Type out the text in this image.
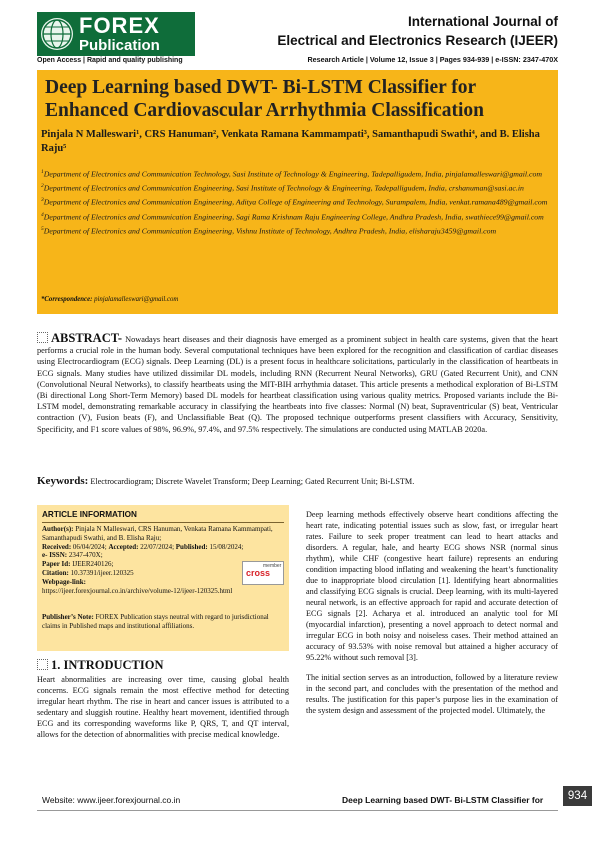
FOREX
Publication
Open Access | Rapid and quality publishing
International Journal of
Electrical and Electronics Research (IJEER)
Research Article | Volume 12, Issue 3 | Pages 934-939 | e-ISSN: 2347-470X
Deep Learning based DWT- Bi-LSTM Classifier for Enhanced Cardiovascular Arrhythmia Classification
Pinjala N Malleswari¹, CRS Hanuman², Venkata Ramana Kammampati³, Samanthapudi Swathi⁴, and B. Elisha Raju⁵
$^1$Department of Electronics and Communication Technology, Sasi Institute of Technology & Engineering, Tadepalligudem, India, pinjalamalleswari@gmail.com
$^2$Department of Electronics and Communication Engineering, Sasi Institute of Technology & Engineering, Tadepalligudem, India, crshanuman@sasi.ac.in
$^3$Department of Electronics and Communication Engineering, Aditya College of Engineering and Technology, Surampalem, India, venkat.ramana489@gmail.com
$^4$Department of Electronics and Communication Engineering, Sagi Rama Krishnam Raju Engineering College, Andhra Pradesh, India, swathiece99@gmail.com
$^5$Department of Electronics and Communication Engineering, Vishnu Institute of Technology, Andhra Pradesh, India, elisharaju3459@gmail.com
*Correspondence: pinjalamalleswari@gmail.com
ABSTRACT- Nowadays heart diseases and their diagnosis have emerged as a prominent subject in health care systems, given that the heart performs a crucial role in the human body. Several computational techniques have been explored for the recognition and classification of cardiac diseases using Electrocardiogram (ECG) signals. Deep Learning (DL) is a present focus in healthcare solicitations, particularly in the classification of heartbeats in ECG signals. Many studies have utilized dissimilar DL models, including RNN (Recurrent Neural Networks), GRU (Gated Recurrent Unit), and CNN (Convolutional Neural Networks), to classify heartbeats using the MIT-BIH arrhythmia dataset. This article presents a methodical exploration of Bi-LSTM (Bi directional Long Short-Term Memory) based DL models for heartbeat classification using various quality metrics. Proposed variants include the Bi-LSTM model, demonstrating remarkable accuracy in classifying the heartbeats into five classes: Normal (N) beat, Supraventricular (S) beat, Ventricular contraction (V), Fusion beats (F), and Unclassifiable Beat (Q). The proposed technique outperforms present classifiers with Accuracy, Sensitivity, Specificity, and F1 score values of 98%, 96.9%, 97.4%, and 97.5% respectively. The simulations are conducted using MATLAB 2020a.
Keywords: Electrocardiogram; Discrete Wavelet Transform; Deep Learning; Gated Recurrent Unit; Bi-LSTM.
ARTICLE INFORMATION
Author(s): Pinjala N Malleswari, CRS Hanuman, Venkata Ramana Kammampati, Samanthapudi Swathi, and B. Elisha Raju;
Received: 06/04/2024; Accepted: 22/07/2024; Published: 15/08/2024;
e- ISSN: 2347-470X;
Paper Id: IJEER240126;
Citation: 10.37391/ijeer.120325
Webpage-link:
https://ijeer.forexjournal.co.in/archive/volume-12/ijeer-120325.html
member
cross
Publisher’s Note: FOREX Publication stays neutral with regard to jurisdictional claims in Published maps and institutional affiliations.
1. INTRODUCTION
Heart abnormalities are increasing over time, causing global health concerns. ECG signals remain the most effective method for detecting irregular heart rhythm. The rise in heart and cancer issues is attributed to a sedentary and sluggish routine. Healthy heart movement, identified through ECG and its corresponding waveforms like P, QRS, T, and QT interval, allows for the detection of abnormalities with precise medical knowledge.

Deep learning methods effectively observe heart conditions affecting the heart rate, indicating potential issues such as slow, fast, or irregular heart rates. Failure to seek proper treatment can lead to heart attacks and disorders. A regular, hale, and hearty ECG shows NSR (normal sinus rhythm), while CHF (congestive heart failure) represents an enduring condition impacting blood inflating and weakening the heart’s functionality due to inappropriate blood circulation [1]. Identifying heart abnormalities and classifying ECG signals is crucial. Deep learning, with its multi-layered neural network, is an effective approach for rapid and accurate detection of ECG signals [2]. Acharya et al. introduced an analytic tool for MI (myocardial infarction), presenting a novel approach to detect normal and irregular ECG in both noisy and noiseless cases. Their method attained an accuracy of 93.53% with noise removal but attained a higher accuracy of 95.22% without such removal [3].

The initial section serves as an introduction, followed by a literature review in the second part, and concludes with the presentation of the method and results. The justification for this paper’s purpose lies in the examination of the system design and assessment of the projected model. Ultimately, the

Website: www.ijeer.forexjournal.co.in	Deep Learning based DWT- Bi-LSTM Classifier for	934
